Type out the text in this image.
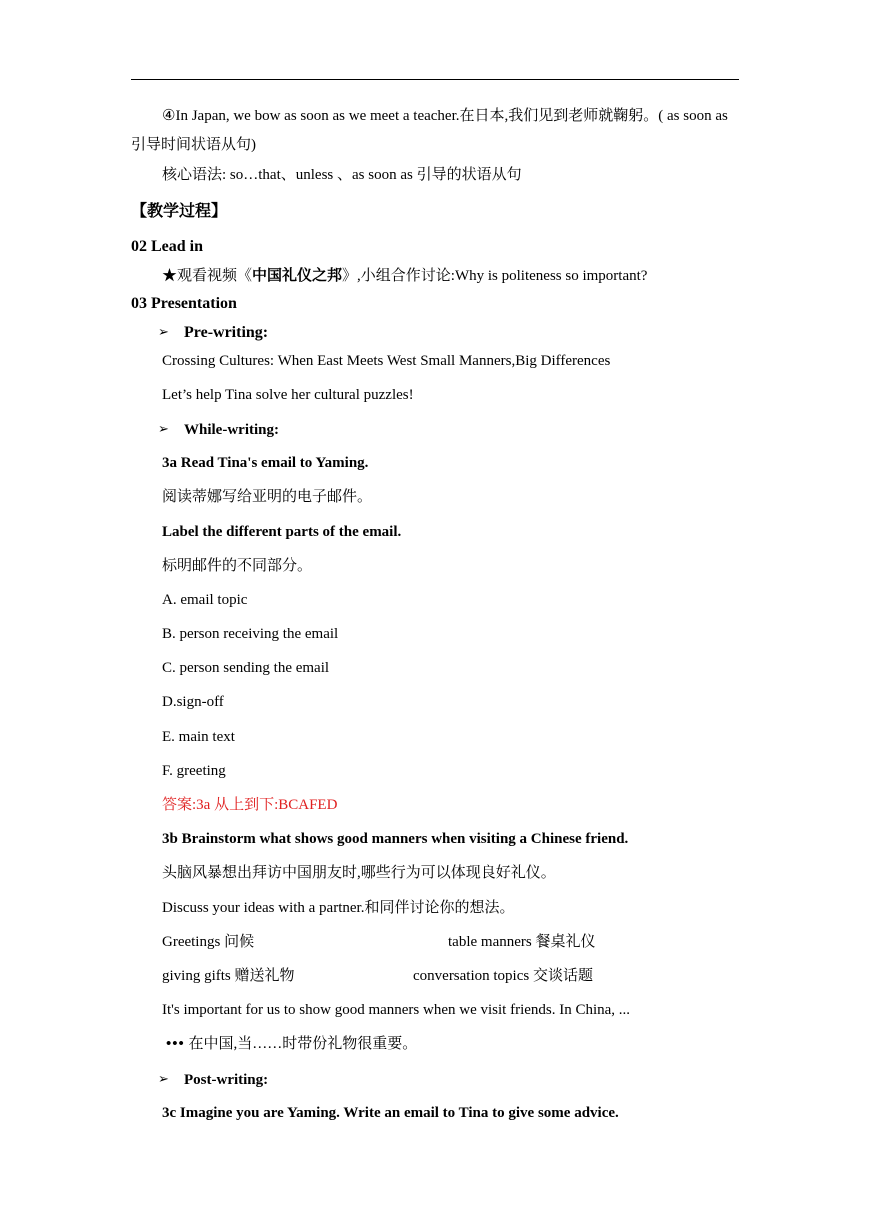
④In Japan, we bow as soon as we meet a teacher.在日本,我们见到老师就鞠躬。( as soon as
引导时间状语从句)
核心语法: so…that、unless 、as soon as 引导的状语从句
【教学过程】
02 Lead in
★观看视频《中国礼仪之邦》,小组合作讨论:Why is politeness so important?
03 Presentation
➢ Pre-writing:
Crossing Cultures: When East Meets West Small Manners,Big Differences
Let’s help Tina solve her cultural puzzles!
➢ While-writing:
3a Read Tina's email to Yaming.
阅读蒂娜写给亚明的电子邮件。
Label the different parts of the email.
标明邮件的不同部分。
A. email topic
B. person receiving the email
C. person sending the email
D.sign-off
E. main text
F. greeting
答案:3a 从上到下:BCAFED
3b Brainstorm what shows good manners when visiting a Chinese friend.
头脑风暴想出拜访中国朋友时,哪些行为可以体现良好礼仪。
Discuss your ideas with a partner.和同伴讨论你的想法。
Greetings 问候	table manners 餐桌礼仪
giving gifts 赠送礼物	conversation topics 交谈话题
It's important for us to show good manners when we visit friends. In China, ...
••• 在中国,当……时带份礼物很重要。
➢ Post-writing:
3c Imagine you are Yaming. Write an email to Tina to give some advice.
